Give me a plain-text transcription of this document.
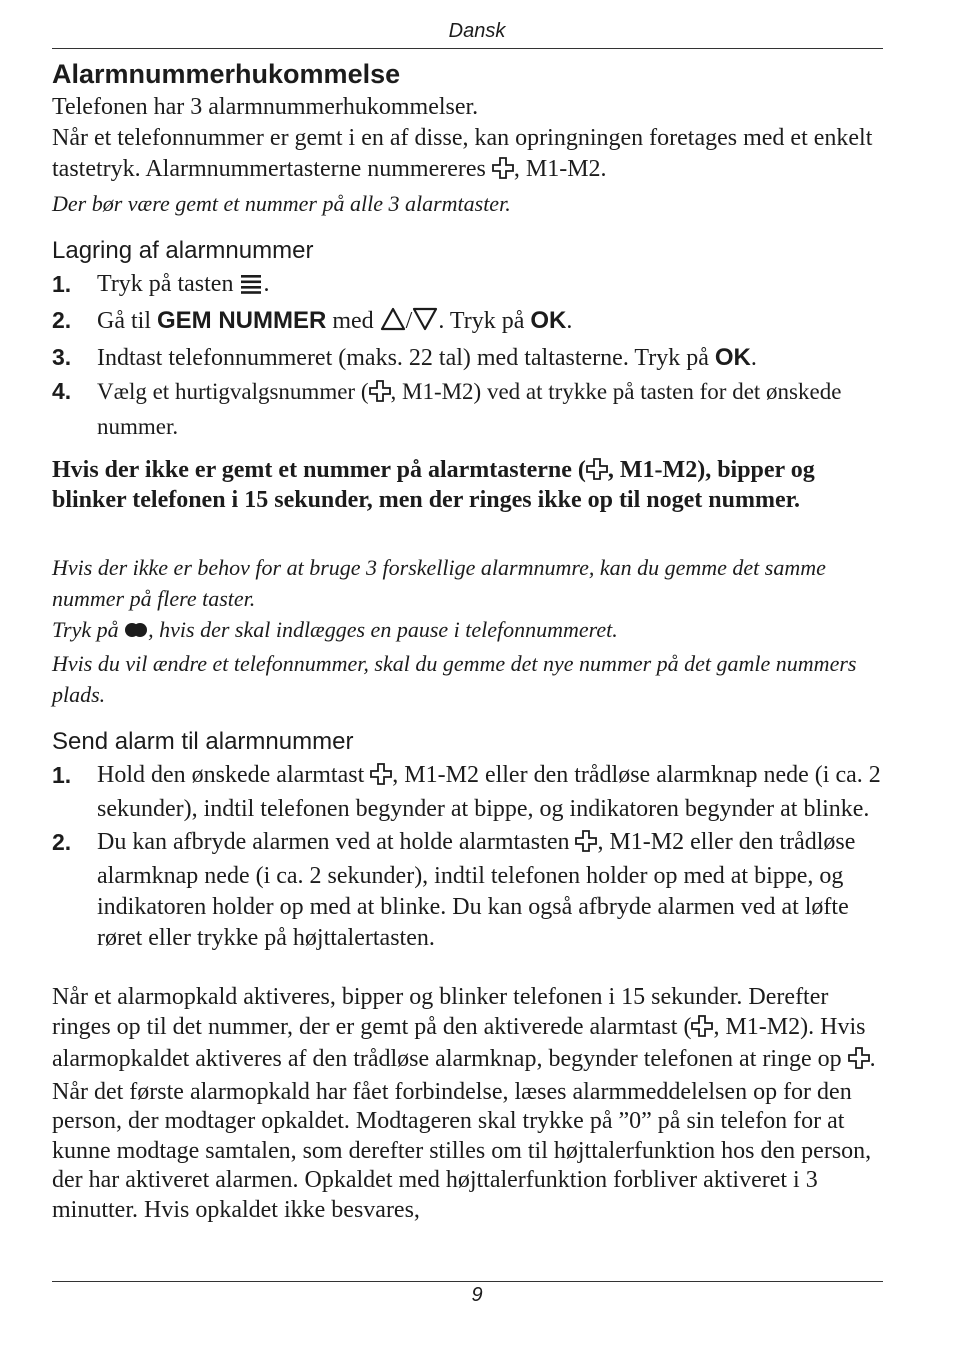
Dansk
Alarmnummerhukommelse

Telefonen har 3 alarmnummerhukommelser.

Når et telefonnummer er gemt i en af disse, kan opringningen foretages med et enkelt tastetryk. Alarmnummertasterne nummereres , M1-M2.

Der bør være gemt et nummer på alle 3 alarmtaster.

Lagring af alarmnummer
1. Tryk på tasten .
2. Gå til GEM NUMMER med / . Tryk på OK.
3. Indtast telefonnummeret (maks. 22 tal) med taltasterne. Tryk på OK.
4. Vælg et hurtigvalgsnummer ( , M1-M2) ved at trykke på tasten for det ønskede nummer.

Hvis der ikke er gemt et nummer på alarmtasterne ( , M1-M2), bipper og blinker telefonen i 15 sekunder, men der ringes ikke op til noget nummer.

Hvis der ikke er behov for at bruge 3 forskellige alarmnumre, kan du gemme det samme nummer på flere taster.

Tryk på , hvis der skal indlægges en pause i telefonnummeret.

Hvis du vil ændre et telefonnummer, skal du gemme det nye nummer på det gamle nummers plads.

Send alarm til alarmnummer
1. Hold den ønskede alarmtast , M1-M2 eller den trådløse alarmknap nede (i ca. 2 sekunder), indtil telefonen begynder at bippe, og indikatoren begynder at blinke.
2. Du kan afbryde alarmen ved at holde alarmtasten , M1-M2 eller den trådløse alarmknap nede (i ca. 2 sekunder), indtil telefonen holder op med at bippe, og indikatoren holder op med at blinke. Du kan også afbryde alarmen ved at løfte røret eller trykke på højttalertasten.

Når et alarmopkald aktiveres, bipper og blinker telefonen i 15 sekunder. Derefter ringes op til det nummer, der er gemt på den aktiverede alarmtast ( , M1-M2). Hvis alarmopkaldet aktiveres af den trådløse alarmknap, begynder telefonen at ringe op .

Når det første alarmopkald har fået forbindelse, læses alarmmeddelelsen op for den person, der modtager opkaldet. Modtageren skal trykke på ”0” på sin telefon for at kunne modtage samtalen, som derefter stilles om til højttalerfunktion hos den person, der har aktiveret alarmen. Opkaldet med højttalerfunktion forbliver aktiveret i 3 minutter. Hvis opkaldet ikke besvares,

9
